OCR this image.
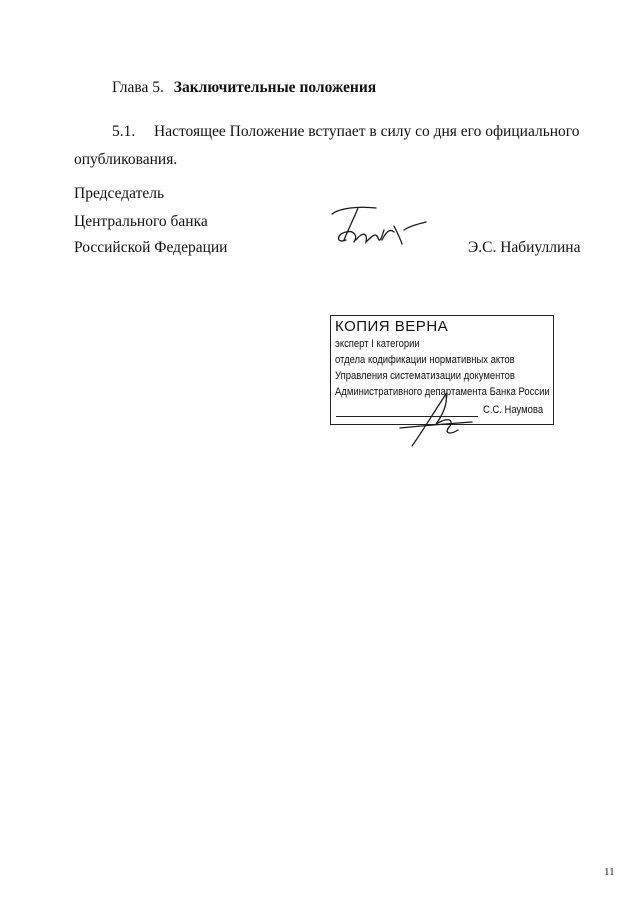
Глава 5. Заключительные положения
5.1. Настоящее Положение вступает в силу со дня его официального
опубликования.
Председатель
Центрального банка
Российской Федерации	Э.С. Набиуллина
КОПИЯ ВЕРНА
эксперт I категории
отдела кодификации нормативных актов
Управления систематизации документов
Административного департамента Банка России
С.С. Наумова
11
